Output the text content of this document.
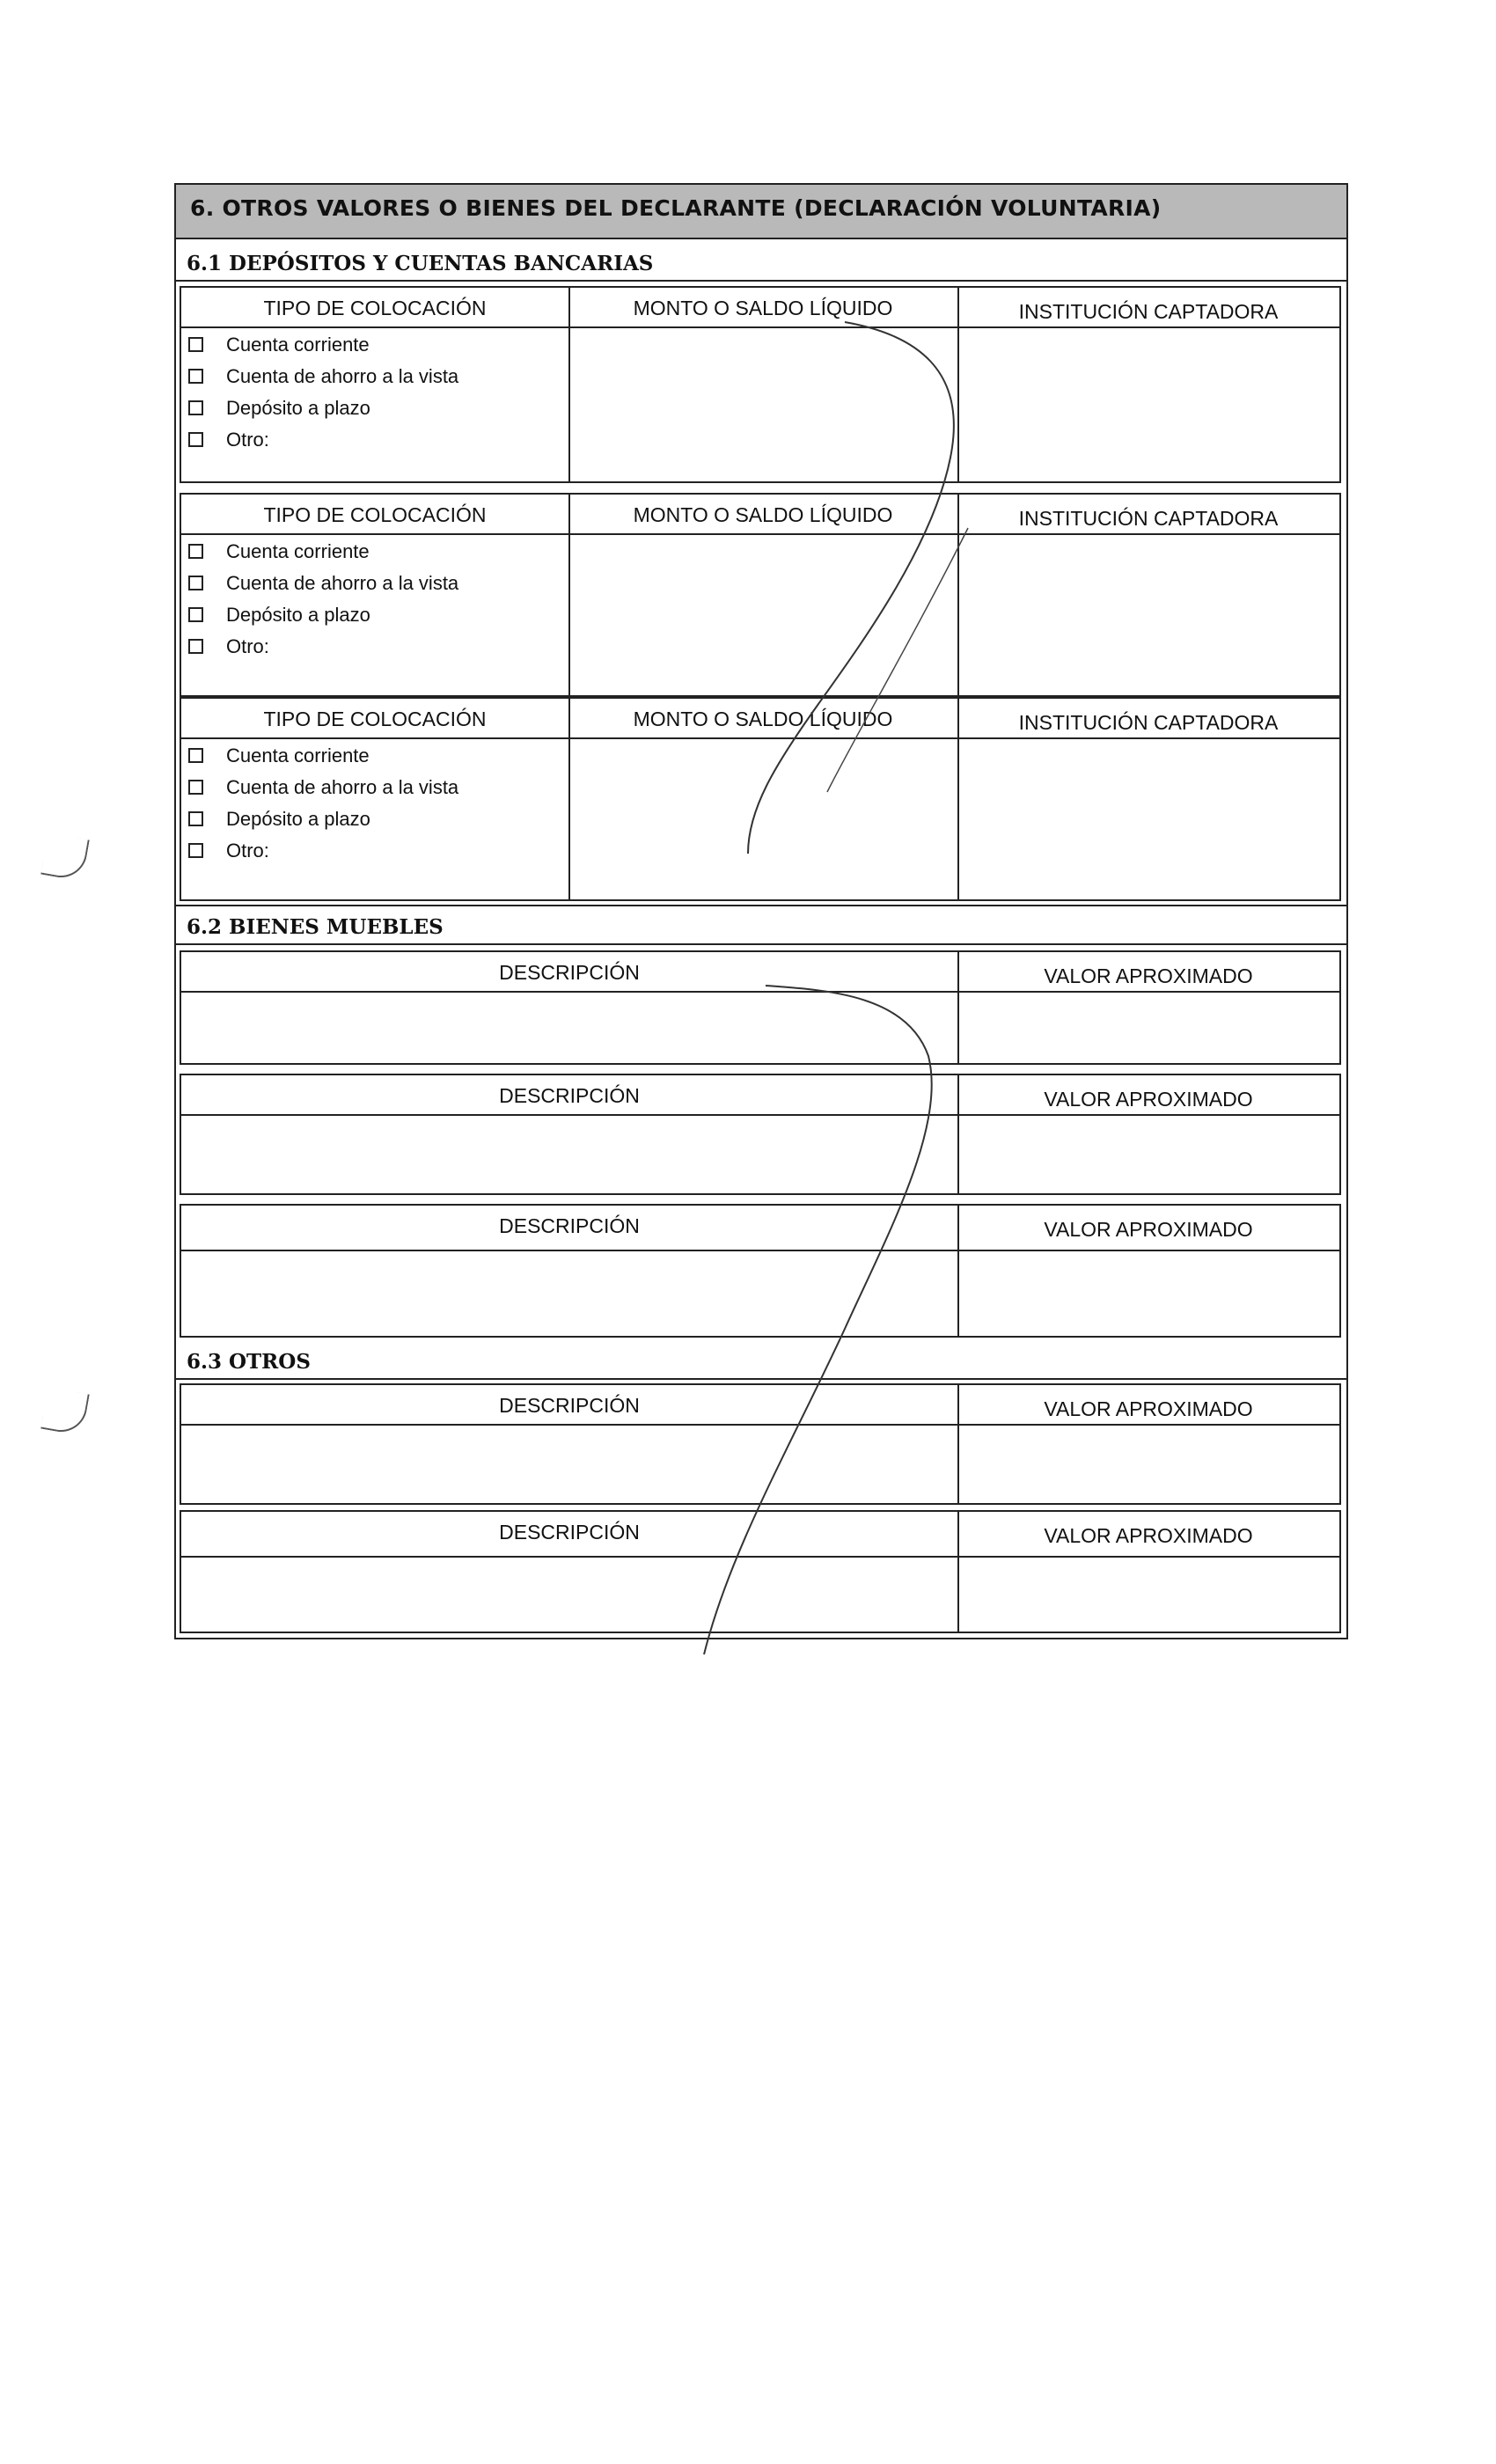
6. OTROS VALORES O BIENES DEL DECLARANTE (DECLARACIÓN VOLUNTARIA)
6.1 DEPÓSITOS Y CUENTAS BANCARIAS
TIPO DE COLOCACIÓN	MONTO O SALDO LÍQUIDO	INSTITUCIÓN CAPTADORA
Cuenta corriente
Cuenta de ahorro a la vista
Depósito a plazo
Otro:
TIPO DE COLOCACIÓN	MONTO O SALDO LÍQUIDO	INSTITUCIÓN CAPTADORA
Cuenta corriente
Cuenta de ahorro a la vista
Depósito a plazo
Otro:
TIPO DE COLOCACIÓN	MONTO O SALDO LÍQUIDO	INSTITUCIÓN CAPTADORA
Cuenta corriente
Cuenta de ahorro a la vista
Depósito a plazo
Otro:
6.2 BIENES MUEBLES
DESCRIPCIÓN	VALOR APROXIMADO
DESCRIPCIÓN	VALOR APROXIMADO
DESCRIPCIÓN	VALOR APROXIMADO
6.3 OTROS
DESCRIPCIÓN	VALOR APROXIMADO
DESCRIPCIÓN	VALOR APROXIMADO
